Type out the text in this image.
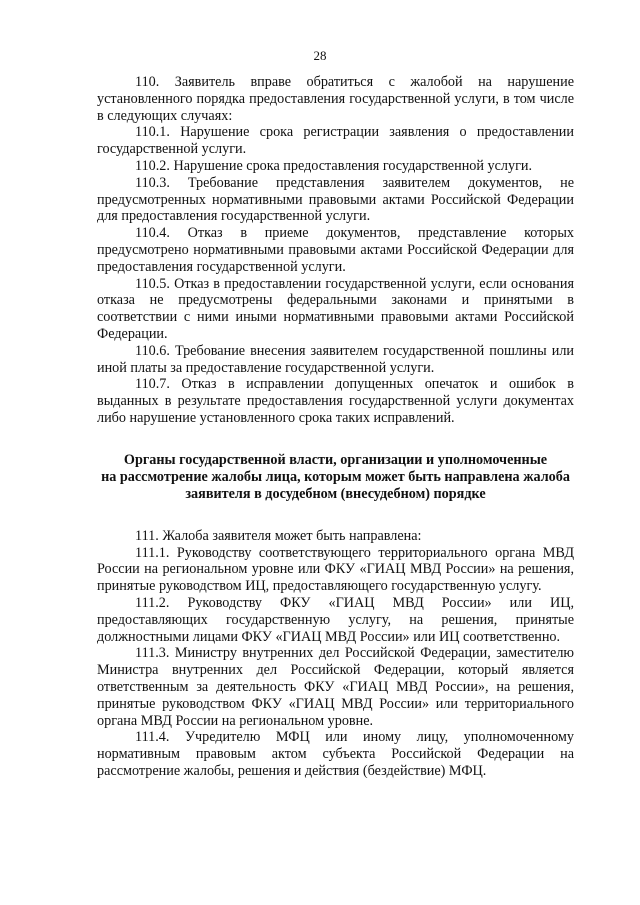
28

110. Заявитель вправе обратиться с жалобой на нарушение установленного порядка предоставления государственной услуги, в том числе в следующих случаях:

110.1. Нарушение срока регистрации заявления о предоставлении государственной услуги.

110.2. Нарушение срока предоставления государственной услуги.

110.3. Требование представления заявителем документов, не предусмотренных нормативными правовыми актами Российской Федерации для предоставления государственной услуги.

110.4. Отказ в приеме документов, представление которых предусмотрено нормативными правовыми актами Российской Федерации для предоставления государственной услуги.

110.5. Отказ в предоставлении государственной услуги, если основания отказа не предусмотрены федеральными законами и принятыми в соответствии с ними иными нормативными правовыми актами Российской Федерации.

110.6. Требование внесения заявителем государственной пошлины или иной платы за предоставление государственной услуги.

110.7. Отказ в исправлении допущенных опечаток и ошибок в выданных в результате предоставления государственной услуги документах либо нарушение установленного срока таких исправлений.

Органы государственной власти, организации и уполномоченные
на рассмотрение жалобы лица, которым может быть направлена жалоба
заявителя в досудебном (внесудебном) порядке

111. Жалоба заявителя может быть направлена:

111.1. Руководству соответствующего территориального органа МВД России на региональном уровне или ФКУ «ГИАЦ МВД России» на решения, принятые руководством ИЦ, предоставляющего государственную услугу.

111.2. Руководству ФКУ «ГИАЦ МВД России» или ИЦ, предоставляющих государственную услугу, на решения, принятые должностными лицами ФКУ «ГИАЦ МВД России» или ИЦ соответственно.

111.3. Министру внутренних дел Российской Федерации, заместителю Министра внутренних дел Российской Федерации, который является ответственным за деятельность ФКУ «ГИАЦ МВД России», на решения, принятые руководством ФКУ «ГИАЦ МВД России» или территориального органа МВД России на региональном уровне.

111.4. Учредителю МФЦ или иному лицу, уполномоченному нормативным правовым актом субъекта Российской Федерации на рассмотрение жалобы, решения и действия (бездействие) МФЦ.
